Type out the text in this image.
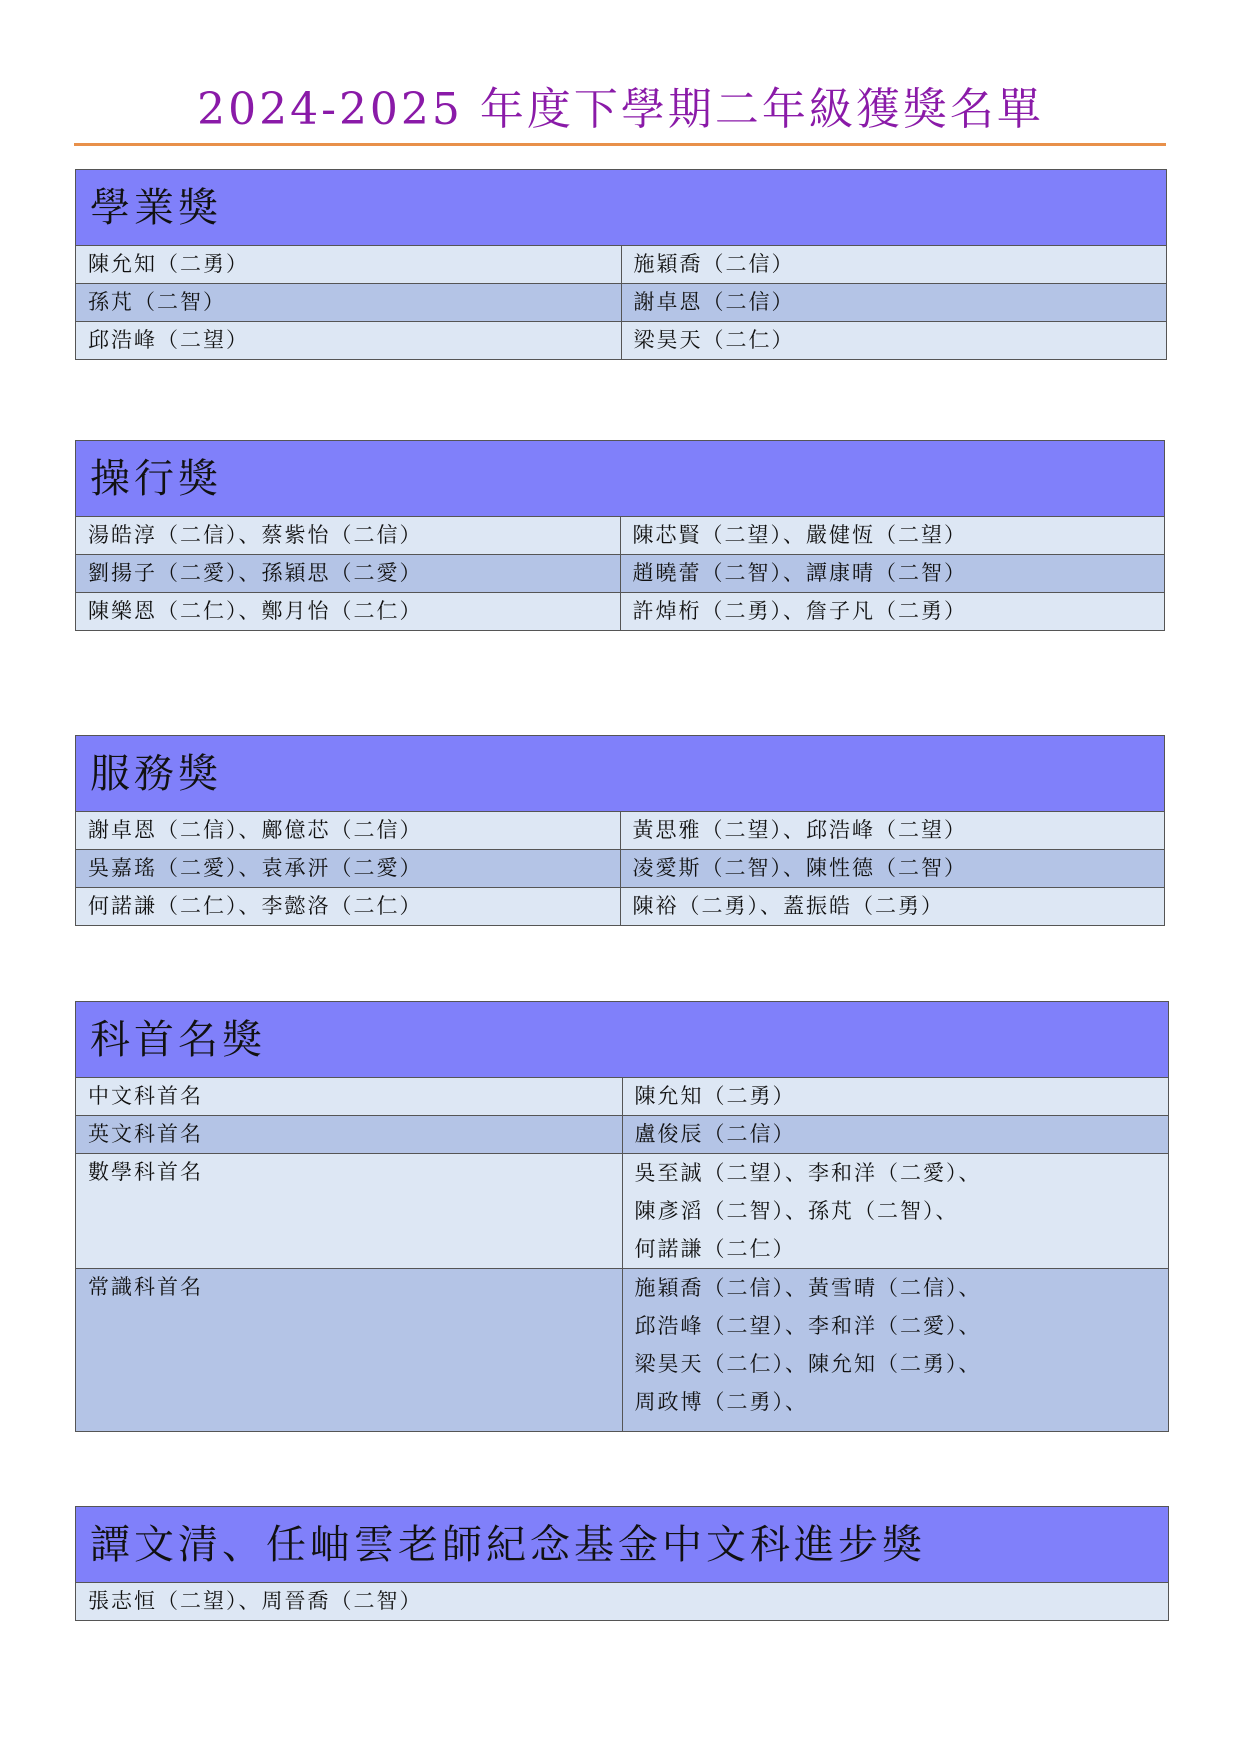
2024-2025 年度下學期二年級獲獎名單
學業獎
陳允知（二勇）	施穎喬（二信）
孫芃（二智）	謝卓恩（二信）
邱浩峰（二望）	梁昊天（二仁）
操行獎
湯皓淳（二信）、蔡紫怡（二信）	陳芯賢（二望）、嚴健恆（二望）
劉揚子（二愛）、孫穎思（二愛）	趙曉蕾（二智）、譚康晴（二智）
陳樂恩（二仁）、鄭月怡（二仁）	許焯桁（二勇）、詹子凡（二勇）
服務獎
謝卓恩（二信）、鄺億芯（二信）	黃思雅（二望）、邱浩峰（二望）
吳嘉瑤（二愛）、袁承汧（二愛）	凌愛斯（二智）、陳性德（二智）
何諾謙（二仁）、李懿洛（二仁）	陳裕（二勇）、蓋振皓（二勇）
科首名獎
中文科首名	陳允知（二勇）
英文科首名	盧俊辰（二信）
數學科首名	吳至誠（二望）、李和洋（二愛）、
陳彥滔（二智）、孫芃（二智）、
何諾謙（二仁）
常識科首名	施穎喬（二信）、黃雪晴（二信）、
邱浩峰（二望）、李和洋（二愛）、
梁昊天（二仁）、陳允知（二勇）、
周政博（二勇）、
譚文清、任岫雲老師紀念基金中文科進步獎
張志恒（二望）、周晉喬（二智）
